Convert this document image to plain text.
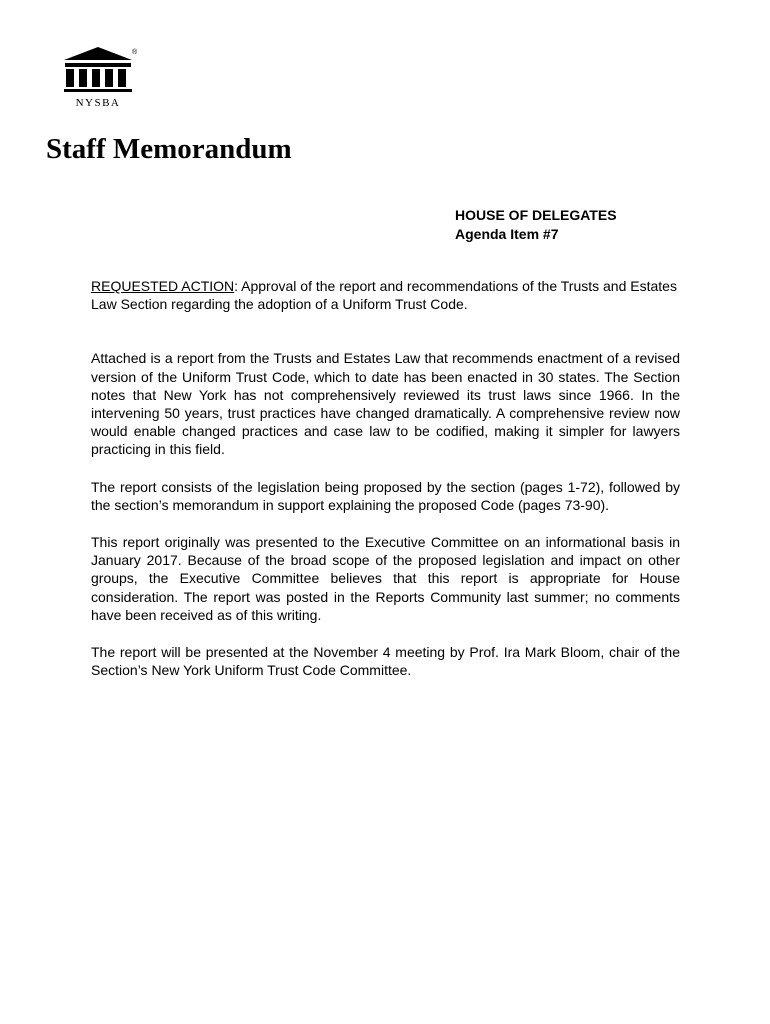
®
NYSBA
Staff Memorandum
HOUSE OF DELEGATES
Agenda Item #7

REQUESTED ACTION: Approval of the report and recommendations of the Trusts and Estates Law Section regarding the adoption of a Uniform Trust Code.

Attached is a report from the Trusts and Estates Law that recommends enactment of a revised version of the Uniform Trust Code, which to date has been enacted in 30 states. The Section notes that New York has not comprehensively reviewed its trust laws since 1966. In the intervening 50 years, trust practices have changed dramatically. A comprehensive review now would enable changed practices and case law to be codified, making it simpler for lawyers practicing in this field.

The report consists of the legislation being proposed by the section (pages 1-72), followed by the section’s memorandum in support explaining the proposed Code (pages 73-90).

This report originally was presented to the Executive Committee on an informational basis in January 2017. Because of the broad scope of the proposed legislation and impact on other groups, the Executive Committee believes that this report is appropriate for House consideration. The report was posted in the Reports Community last summer; no comments have been received as of this writing.

The report will be presented at the November 4 meeting by Prof. Ira Mark Bloom, chair of the Section’s New York Uniform Trust Code Committee.
